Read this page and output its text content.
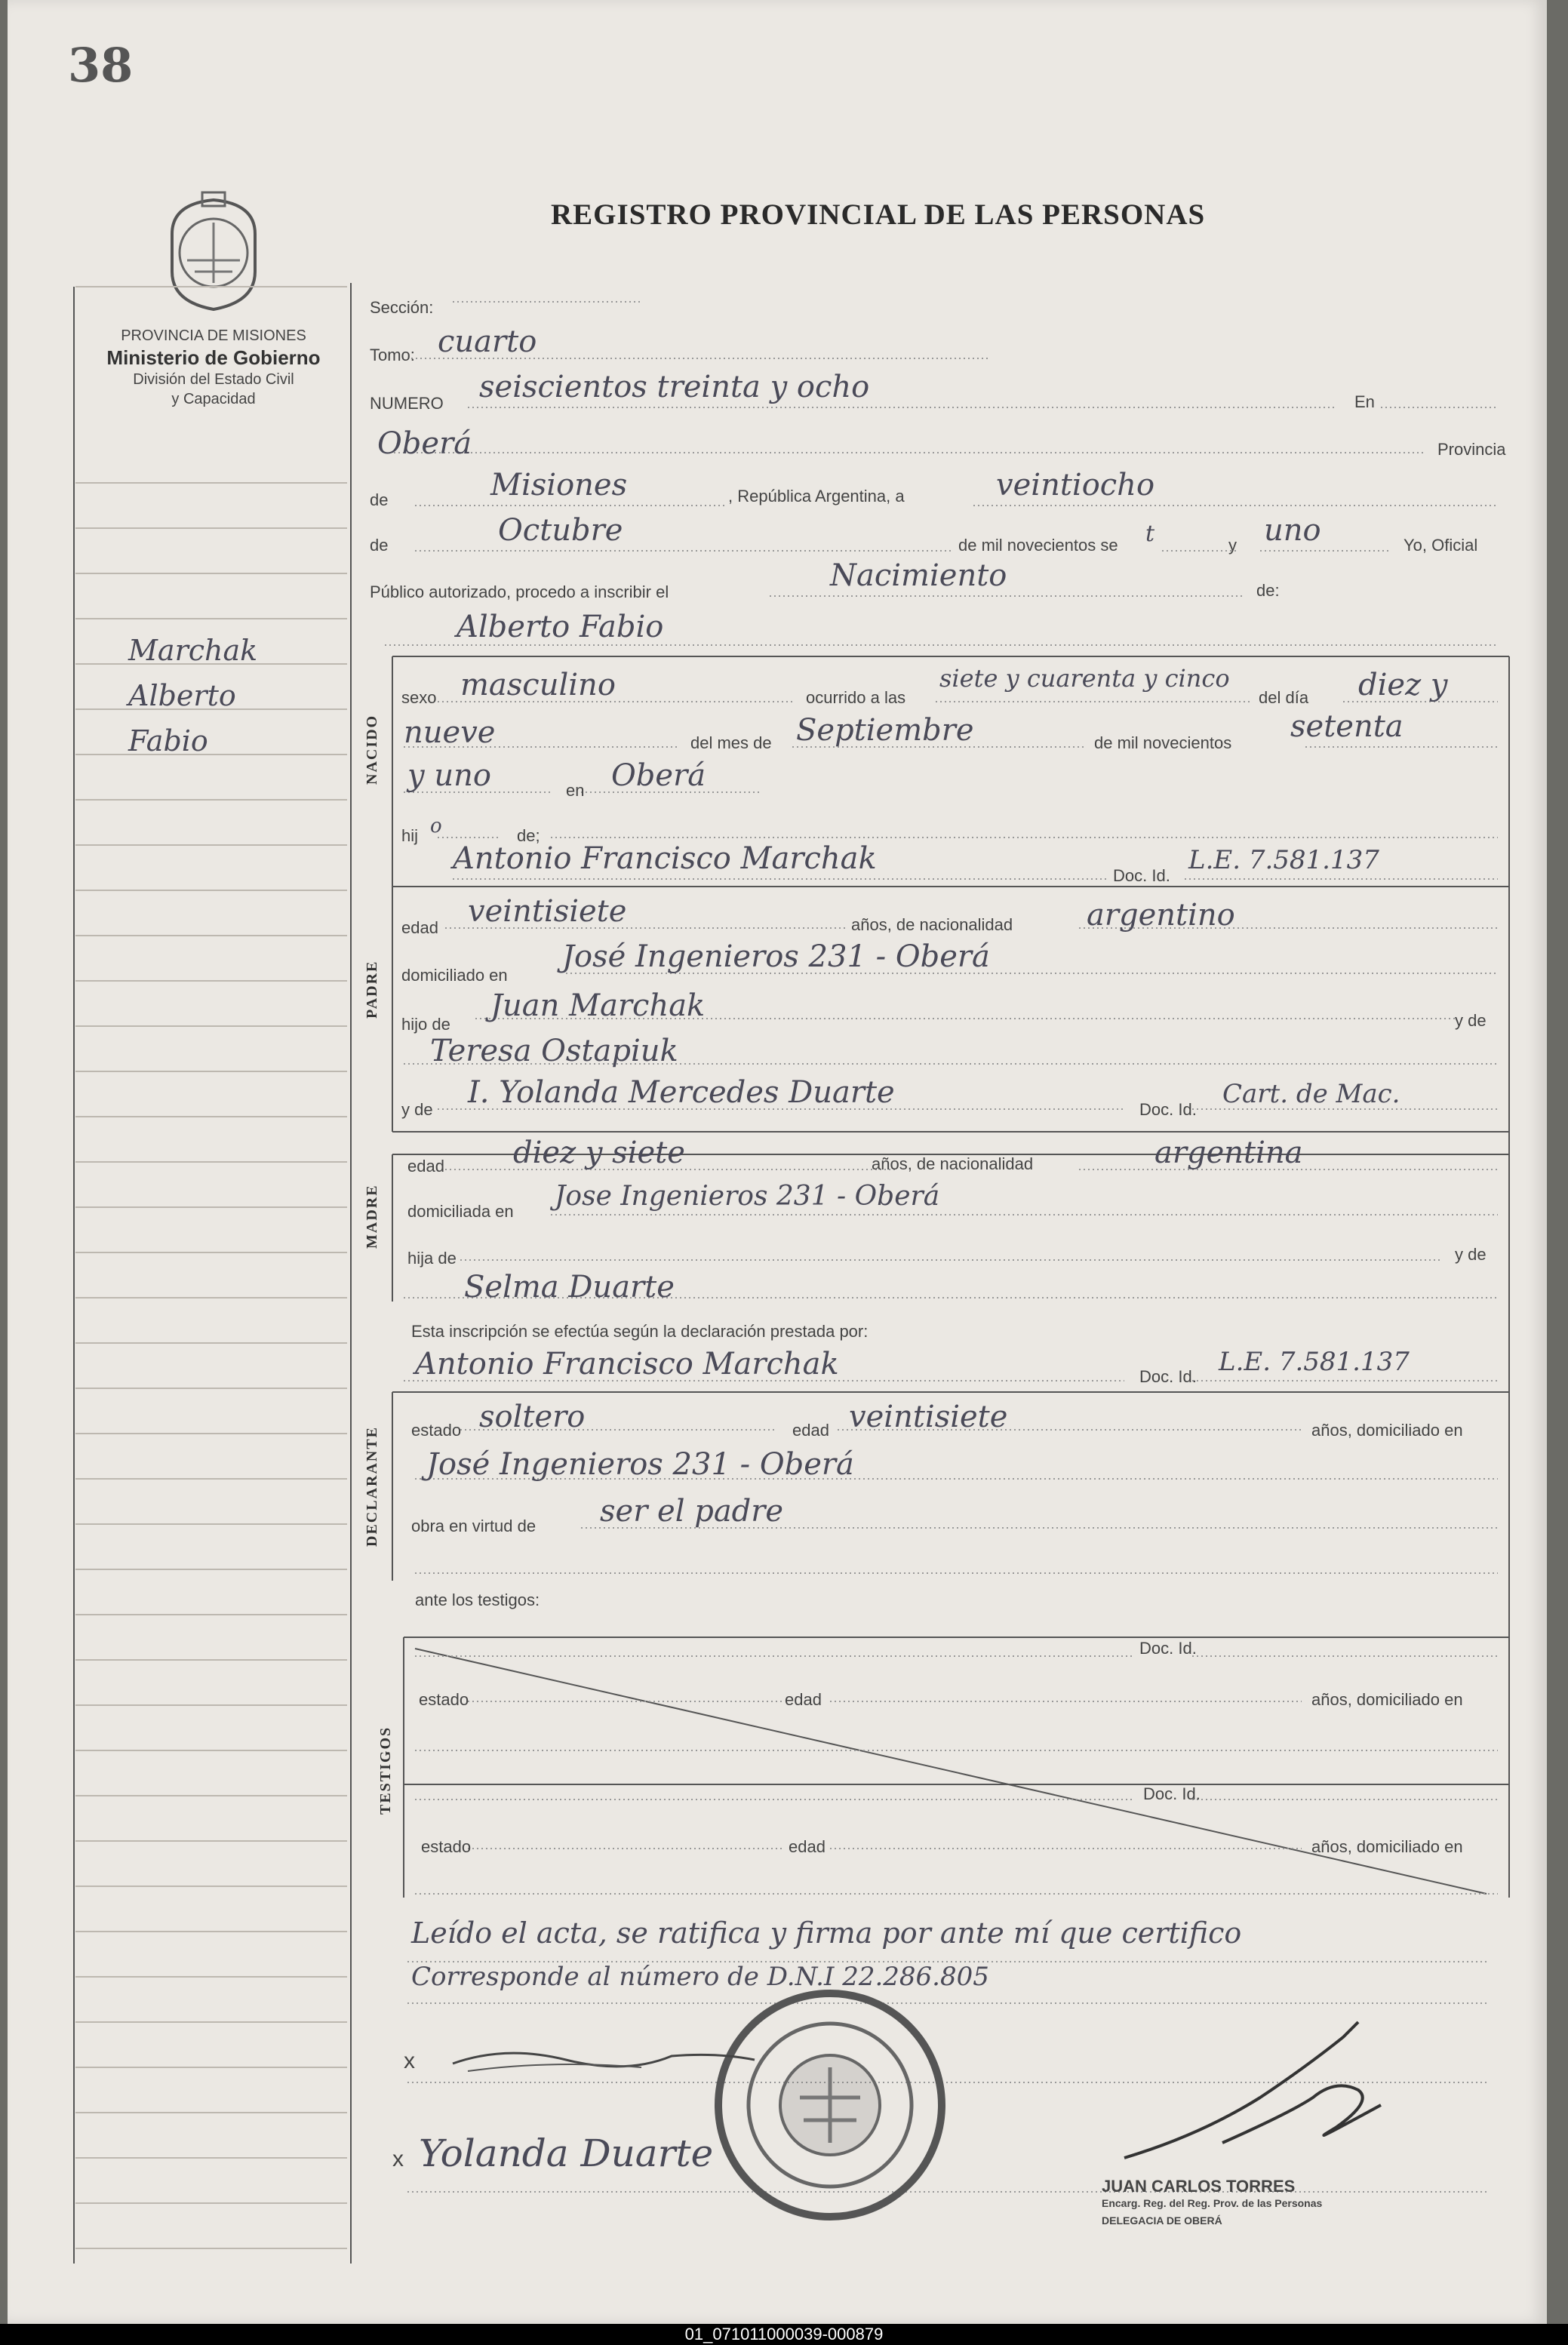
38
REGISTRO PROVINCIAL DE LAS PERSONAS
PROVINCIA DE MISIONES
Ministerio de Gobierno
División del Estado Civil
y Capacidad
Marchak
Alberto
Fabio
Sección:
Tomo: cuarto
NUMERO seiscientos treinta y ocho	En
Oberá	Provincia
de	Misiones	, República Argentina, a	veintiocho
de	Octubre	de mil novecientos se t	y uno	Yo, Oficial
Público autorizado, procedo a inscribir el	Nacimiento	de:
Alberto Fabio
NACIDO
sexo masculino	ocurrido a las
siete y cuarenta y cinco
del día diez y
nueve	del mes de Septiembre	de mil novecientos setenta
y uno	en Oberá
hij o	de;
Antonio Francisco Marchak	Doc. Id.
L.E. 7.581.137
PADRE
edad veintisiete	años, de nacionalidad argentino
domiciliado en
José Ingenieros 231 - Oberá
hijo de
Juan Marchak	y de
Teresa Ostapiuk
y de I. Yolanda Mercedes Duarte	Doc. Id.
Cart. de Mac.
MADRE
edad diez y siete	años, de nacionalidad	argentina
domiciliada en Jose Ingenieros 231 - Oberá
hija de	y de
Selma Duarte
Esta inscripción se efectúa según la declaración prestada por:
Antonio Francisco Marchak	Doc. Id. L.E. 7.581.137
DECLARANTE estado soltero	edad veintisiete	años, domiciliado en
José Ingenieros 231 - Oberá
obra en virtud de ser el padre
ante los testigos:
TESTIGOS
Doc. Id.
estado	edad	años, domiciliado en
Doc. Id.
estado	edad	años, domiciliado en
Leído el acta, se ratifica y firma por ante mí que certifico
Corresponde al número de D.N.I 22.286.805
x
x Yolanda Duarte
JUAN CARLOS TORRES
Encarg. Reg. del Reg. Prov. de las Personas
DELEGACIA DE OBERÁ
01_071011000039-000879
